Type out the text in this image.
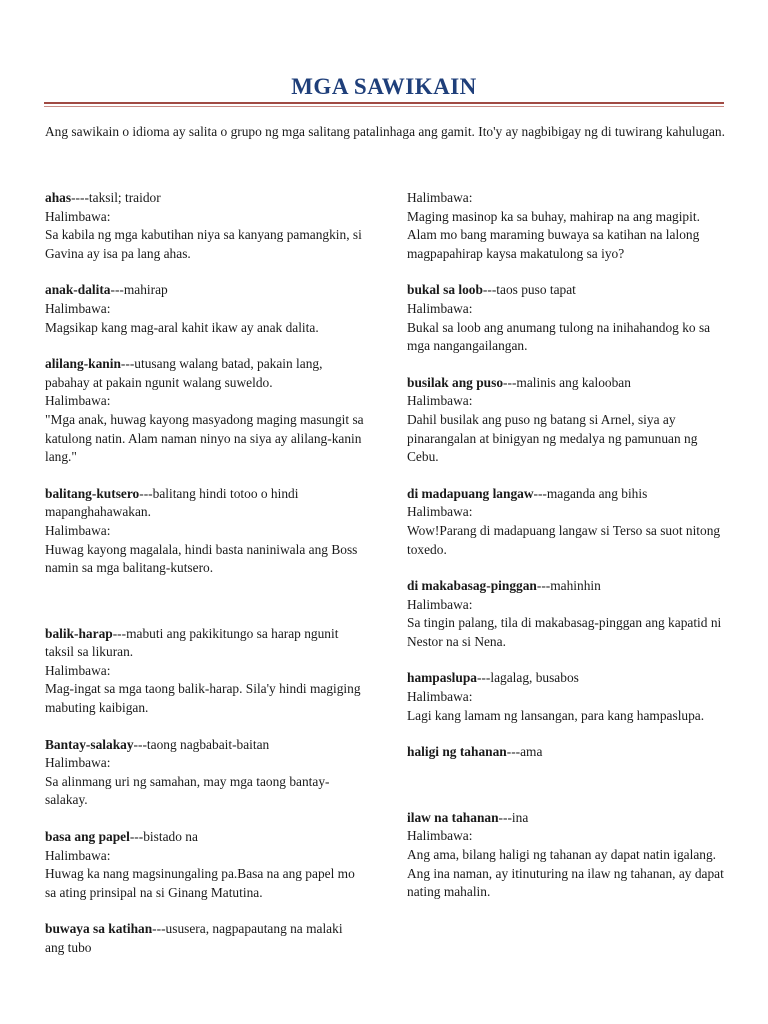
MGA SAWIKAIN
Ang sawikain o idioma ay salita o grupo ng mga salitang patalinhaga ang gamit. Ito'y ay nagbibigay ng di tuwirang kahulugan.

ahas----taksil; traidor

Halimbawa:

Sa kabila ng mga kabutihan niya sa kanyang pamangkin, si Gavina ay isa pa lang ahas.

anak-dalita---mahirap

Halimbawa:

Magsikap kang mag-aral kahit ikaw ay anak dalita.

alilang-kanin---utusang walang batad, pakain lang, pabahay at pakain ngunit walang suweldo.

Halimbawa:

"Mga anak, huwag kayong masyadong maging masungit sa katulong natin. Alam naman ninyo na siya ay alilang-kanin lang."

balitang-kutsero---balitang hindi totoo o hindi mapanghahawakan.

Halimbawa:

Huwag kayong magalala, hindi basta naniniwala ang Boss namin sa mga balitang-kutsero.

balik-harap---mabuti ang pakikitungo sa harap ngunit taksil sa likuran.

Halimbawa:

Mag-ingat sa mga taong balik-harap. Sila'y hindi magiging mabuting kaibigan.

Bantay-salakay---taong nagbabait-baitan

Halimbawa:

Sa alinmang uri ng samahan, may mga taong bantay-salakay.

basa ang papel---bistado na

Halimbawa:

Huwag ka nang magsinungaling pa.Basa na ang papel mo sa ating prinsipal na si Ginang Matutina.

buwaya sa katihan---ususera, nagpapautang na malaki ang tubo

Halimbawa:

Maging masinop ka sa buhay, mahirap na ang magipit. Alam mo bang maraming buwaya sa katihan na lalong magpapahirap kaysa makatulong sa iyo?

bukal sa loob---taos puso tapat

Halimbawa:

Bukal sa loob ang anumang tulong na inihahandog ko sa mga nangangailangan.

busilak ang puso---malinis ang kalooban

Halimbawa:

Dahil busilak ang puso ng batang si Arnel, siya ay pinarangalan at binigyan ng medalya ng pamunuan ng Cebu.

di madapuang langaw---maganda ang bihis

Halimbawa:

Wow!Parang di madapuang langaw si Terso sa suot nitong toxedo.

di makabasag-pinggan---mahinhin

Halimbawa:

Sa tingin palang, tila di makabasag-pinggan ang kapatid ni Nestor na si Nena.

hampaslupa---lagalag, busabos

Halimbawa:

Lagi kang lamam ng lansangan, para kang hampaslupa.

haligi ng tahanan---ama

ilaw na tahanan---ina

Halimbawa:

Ang ama, bilang haligi ng tahanan ay dapat natin igalang. Ang ina naman, ay itinuturing na ilaw ng tahanan, ay dapat nating mahalin.
